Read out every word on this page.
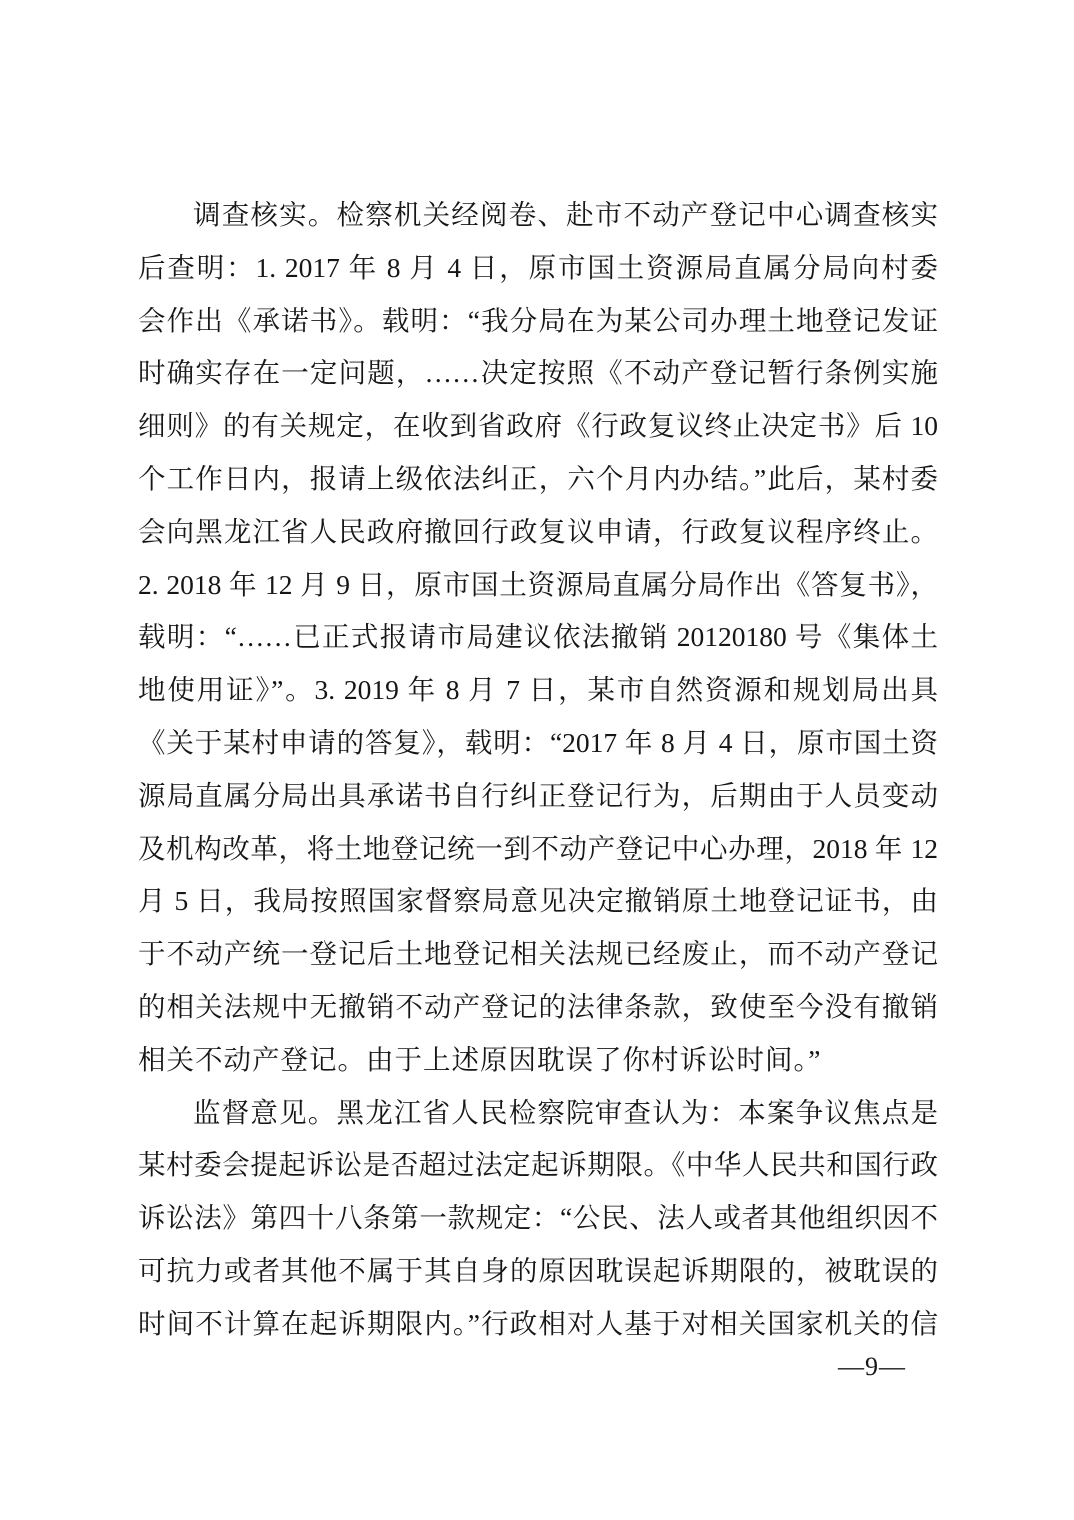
调查核实。检察机关经阅卷、赴市不动产登记中心调查核实
后查明：1. 2017 年 8 月 4 日，原市国土资源局直属分局向村委
会作出《承诺书》。载明：“我分局在为某公司办理土地登记发证
时确实存在一定问题，……决定按照《不动产登记暂行条例实施
细则》的有关规定，在收到省政府《行政复议终止决定书》后 10
个工作日内，报请上级依法纠正，六个月内办结。”此后，某村委
会向黑龙江省人民政府撤回行政复议申请，行政复议程序终止。
2. 2018 年 12 月 9 日，原市国土资源局直属分局作出《答复书》，
载明：“……已正式报请市局建议依法撤销 20120180 号《集体土
地使用证》”。3. 2019 年 8 月 7 日，某市自然资源和规划局出具
《关于某村申请的答复》，载明：“2017 年 8 月 4 日，原市国土资
源局直属分局出具承诺书自行纠正登记行为，后期由于人员变动
及机构改革，将土地登记统一到不动产登记中心办理，2018 年 12
月 5 日，我局按照国家督察局意见决定撤销原土地登记证书，由
于不动产统一登记后土地登记相关法规已经废止，而不动产登记
的相关法规中无撤销不动产登记的法律条款，致使至今没有撤销
相关不动产登记。由于上述原因耽误了你村诉讼时间。”
监督意见。黑龙江省人民检察院审查认为：本案争议焦点是
某村委会提起诉讼是否超过法定起诉期限。《中华人民共和国行政
诉讼法》第四十八条第一款规定：“公民、法人或者其他组织因不
可抗力或者其他不属于其自身的原因耽误起诉期限的，被耽误的
时间不计算在起诉期限内。”行政相对人基于对相关国家机关的信
—9—
